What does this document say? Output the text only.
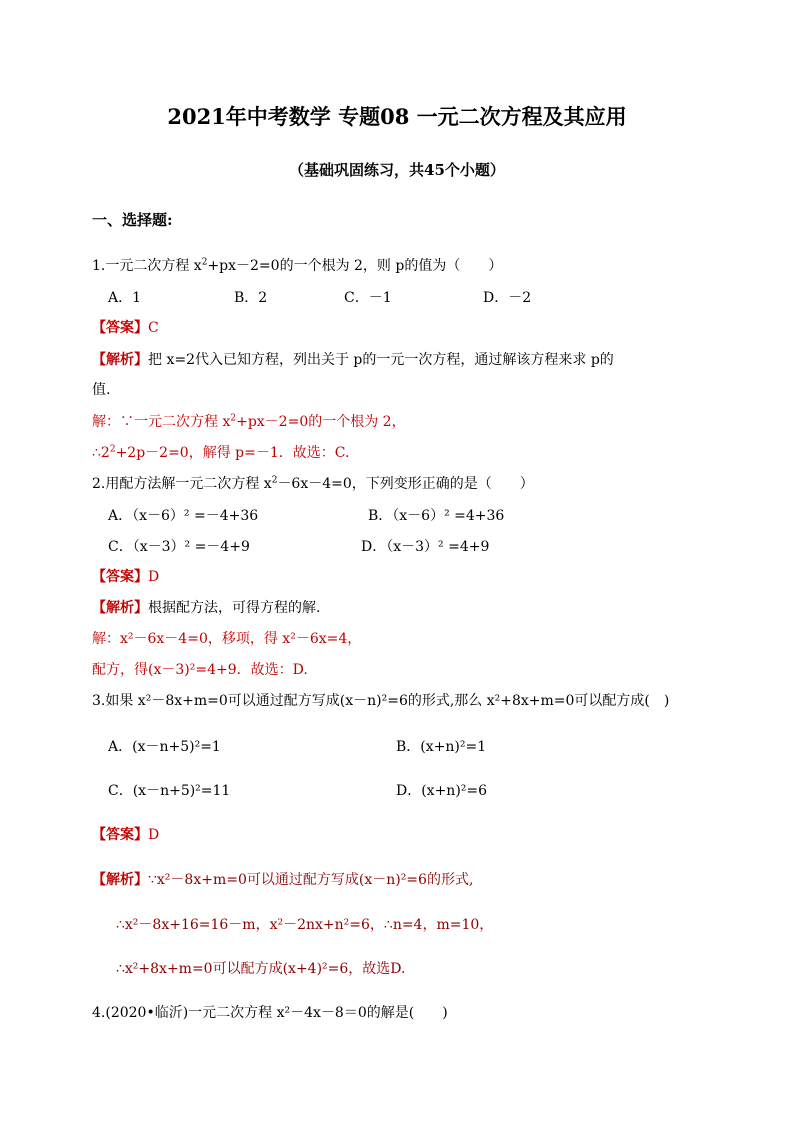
2021年中考数学 专题08 一元二次方程及其应用
（基础巩固练习，共45个小题）
一、选择题:
1.一元二次方程 $x^2+px-2=0$的一个根为 2，则 p的值为（　　）
A．1	B．2	C．－1	D．－2
【答案】C
【解析】把 x=2代入已知方程，列出关于 p的一元一次方程，通过解该方程来求 p的
值.
解：∵一元二次方程 $x^2+px-2=0$的一个根为 2，
$\therefore 2^2+2p-2=0$，解得 p=－1．故选：C.
2.用配方法解一元二次方程 $x^2-6x-4=0$，下列变形正确的是（　　）
A．（x－6）² =－4+36	B．（x－6）² =4+36
C．（x－3）² =－4+9	D．（x－3）² =4+9
【答案】D
【解析】根据配方法，可得方程的解.
解：x²－6x－4=0，移项，得 x²－6x=4，
配方，得(x－3)²=4+9．故选：D.
3.如果 x²－8x+m=0可以通过配方写成(x－n)²=6的形式,那么 x²+8x+m=0可以配方成(　)
A．(x－n+5)²=1	B．(x+n)²=1
C．(x－n+5)²=11	D．(x+n)²=6
【答案】D
【解析】∵x²－8x+m=0可以通过配方写成(x－n)²=6的形式,
∴x²－8x+16=16－m，x²－2nx+n²=6，∴n=4，m=10，
∴x²+8x+m=0可以配方成(x+4)²=6，故选D.
4.(2020•临沂)一元二次方程 x²－4x－8＝0的解是(　　)
